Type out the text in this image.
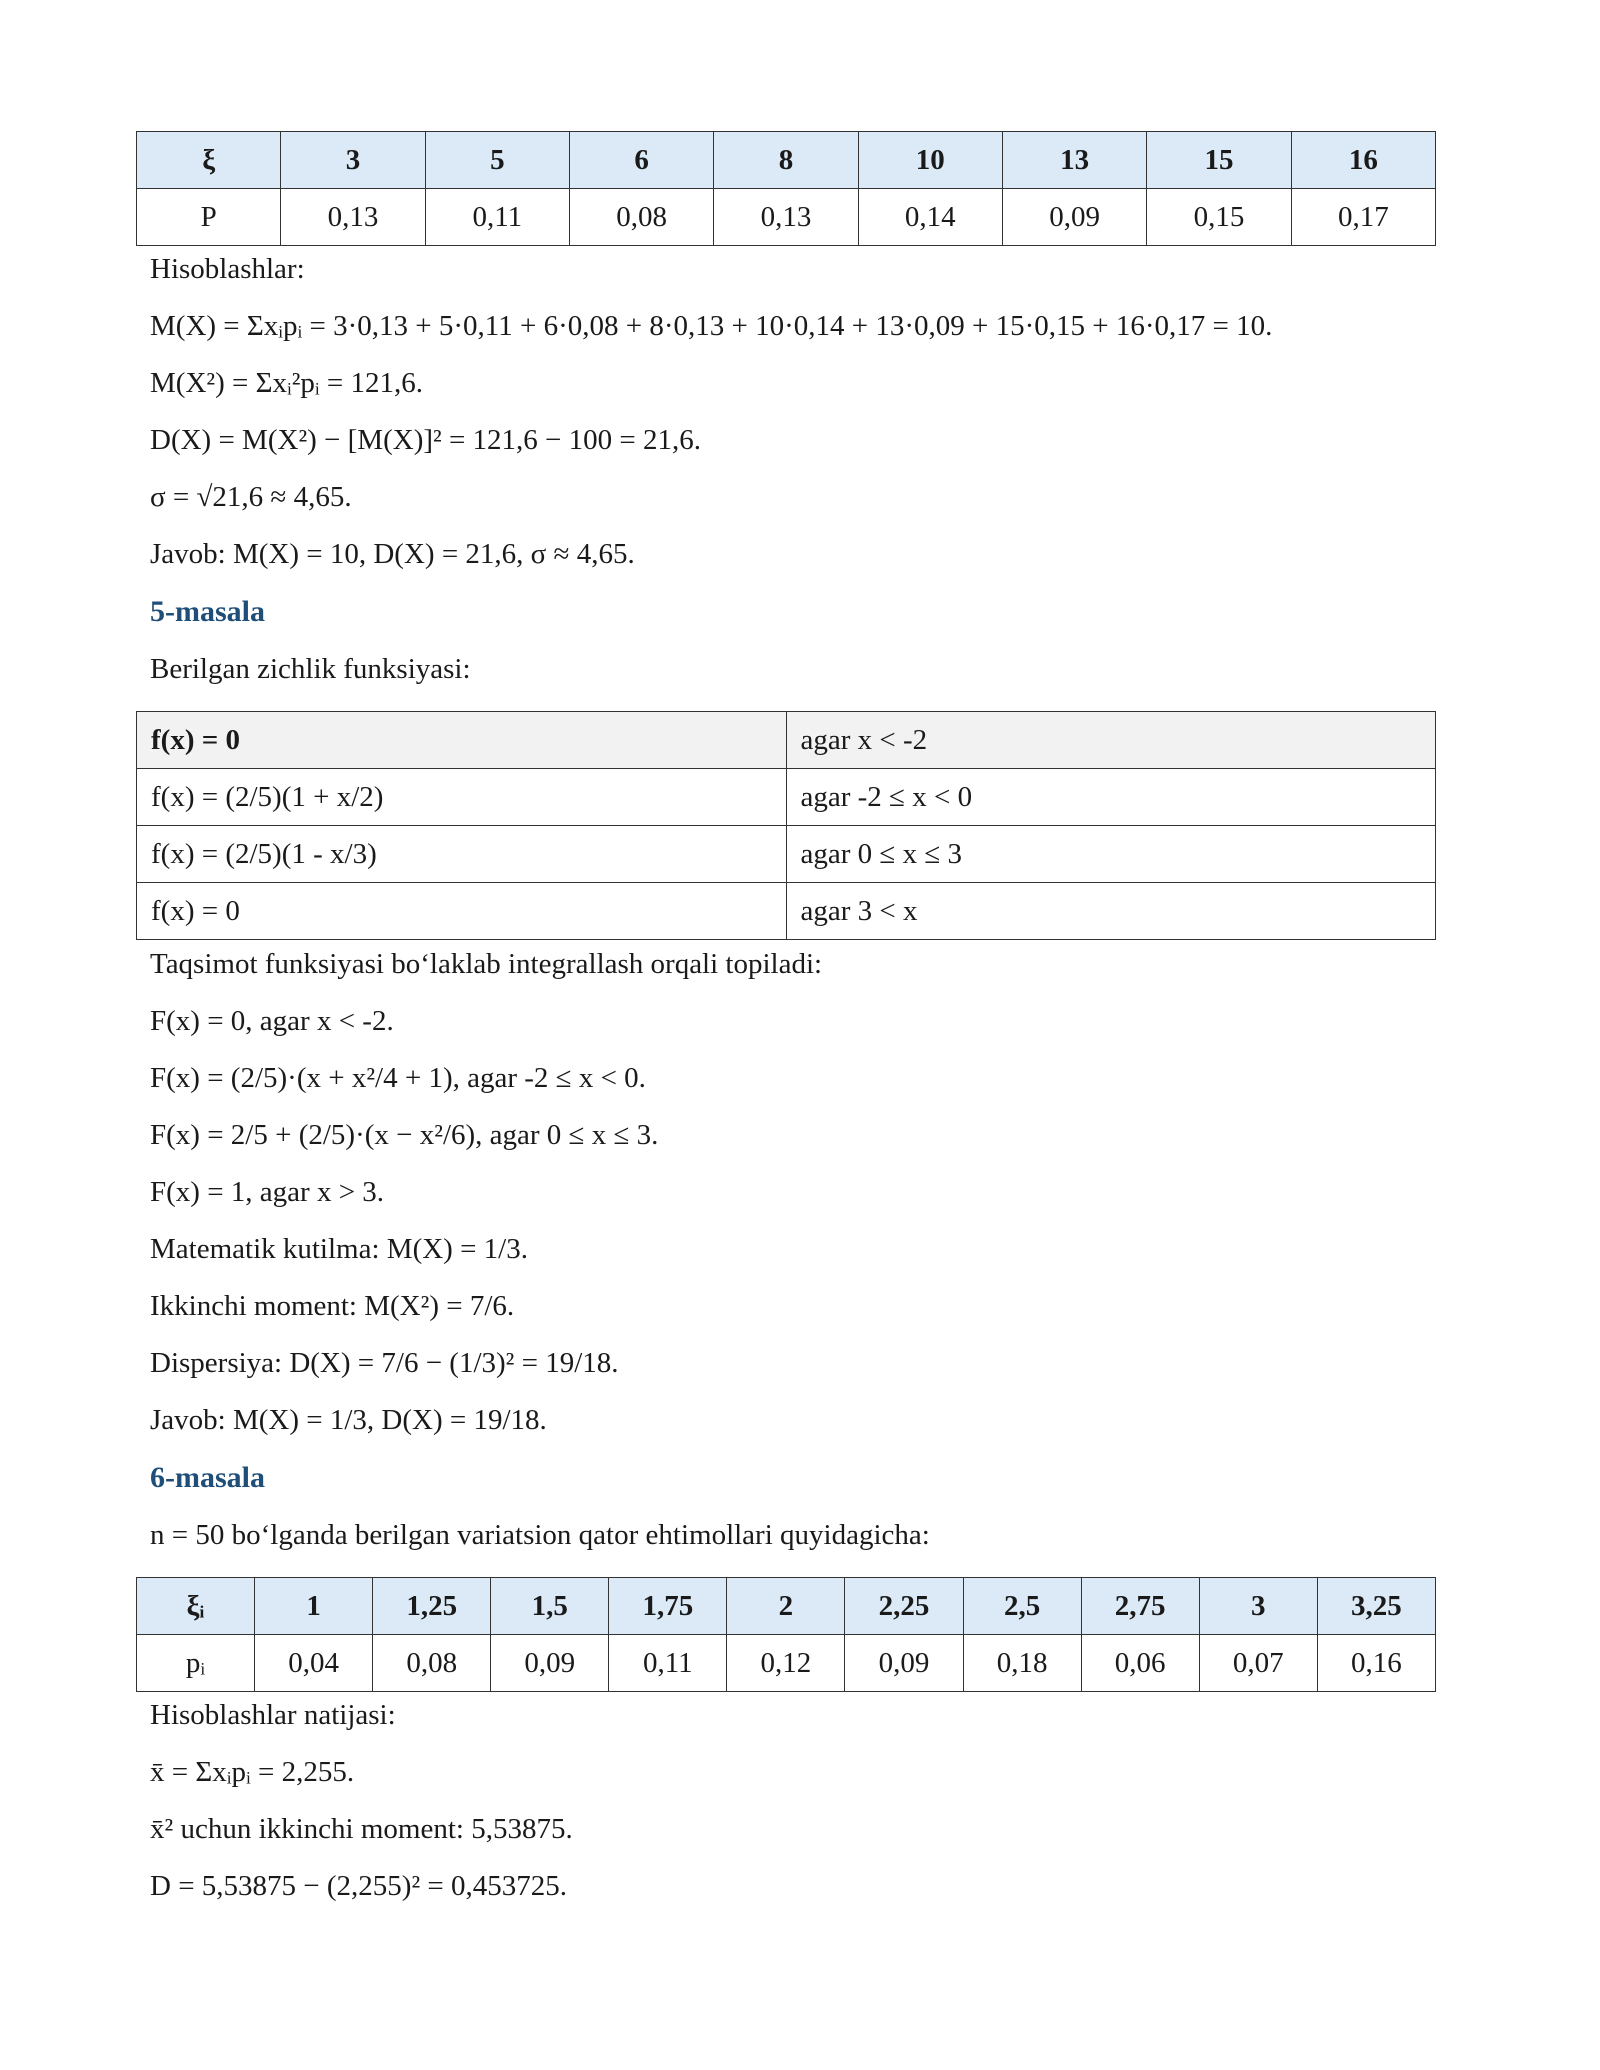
ξ	3	5	6	8	10	13	15	16
P	0,13	0,11	0,08	0,13	0,14	0,09	0,15	0,17
Hisoblashlar:
M(X) = Σxᵢpᵢ = 3·0,13 + 5·0,11 + 6·0,08 + 8·0,13 + 10·0,14 + 13·0,09 + 15·0,15 + 16·0,17 = 10.
M(X²) = Σxᵢ²pᵢ = 121,6.
D(X) = M(X²) − [M(X)]² = 121,6 − 100 = 21,6.
σ = √21,6 ≈ 4,65.
Javob: M(X) = 10, D(X) = 21,6, σ ≈ 4,65.
5-masala
Berilgan zichlik funksiyasi:
f(x) = 0	agar x < -2
f(x) = (2/5)(1 + x/2)	agar -2 ≤ x < 0
f(x) = (2/5)(1 - x/3)	agar 0 ≤ x ≤ 3
f(x) = 0	agar 3 < x
Taqsimot funksiyasi bo‘laklab integrallash orqali topiladi:
F(x) = 0, agar x < -2.
F(x) = (2/5)·(x + x²/4 + 1), agar -2 ≤ x < 0.
F(x) = 2/5 + (2/5)·(x − x²/6), agar 0 ≤ x ≤ 3.
F(x) = 1, agar x > 3.
Matematik kutilma: M(X) = 1/3.
Ikkinchi moment: M(X²) = 7/6.
Dispersiya: D(X) = 7/6 − (1/3)² = 19/18.
Javob: M(X) = 1/3, D(X) = 19/18.
6-masala
n = 50 bo‘lganda berilgan variatsion qator ehtimollari quyidagicha:
ξᵢ	1	1,25	1,5	1,75	2	2,25	2,5	2,75	3	3,25
pᵢ	0,04	0,08	0,09	0,11	0,12	0,09	0,18	0,06	0,07	0,16
Hisoblashlar natijasi:
x̄ = Σxᵢpᵢ = 2,255.
x̄² uchun ikkinchi moment: 5,53875.
D = 5,53875 − (2,255)² = 0,453725.
